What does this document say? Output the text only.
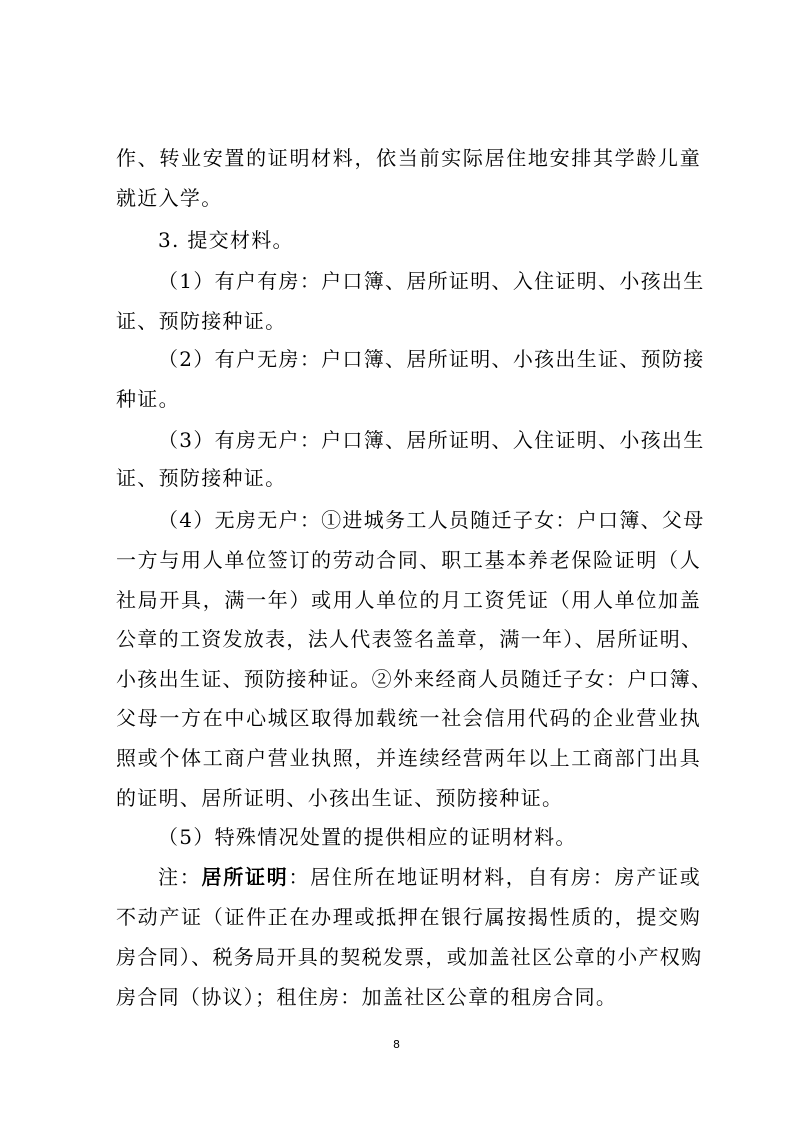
作、转业安置的证明材料，依当前实际居住地安排其学龄儿童
就近入学。
3. 提交材料。
（1）有户有房：户口簿、居所证明、入住证明、小孩出生
证、预防接种证。
（2）有户无房：户口簿、居所证明、小孩出生证、预防接
种证。
（3）有房无户：户口簿、居所证明、入住证明、小孩出生
证、预防接种证。
（4）无房无户：①进城务工人员随迁子女：户口簿、父母
一方与用人单位签订的劳动合同、职工基本养老保险证明（人
社局开具，满一年）或用人单位的月工资凭证（用人单位加盖
公章的工资发放表，法人代表签名盖章，满一年）、居所证明、
小孩出生证、预防接种证。②外来经商人员随迁子女：户口簿、
父母一方在中心城区取得加载统一社会信用代码的企业营业执
照或个体工商户营业执照，并连续经营两年以上工商部门出具
的证明、居所证明、小孩出生证、预防接种证。
（5）特殊情况处置的提供相应的证明材料。
注：居所证明：居住所在地证明材料，自有房：房产证或
不动产证（证件正在办理或抵押在银行属按揭性质的，提交购
房合同）、税务局开具的契税发票，或加盖社区公章的小产权购
房合同（协议）；租住房：加盖社区公章的租房合同。
8
